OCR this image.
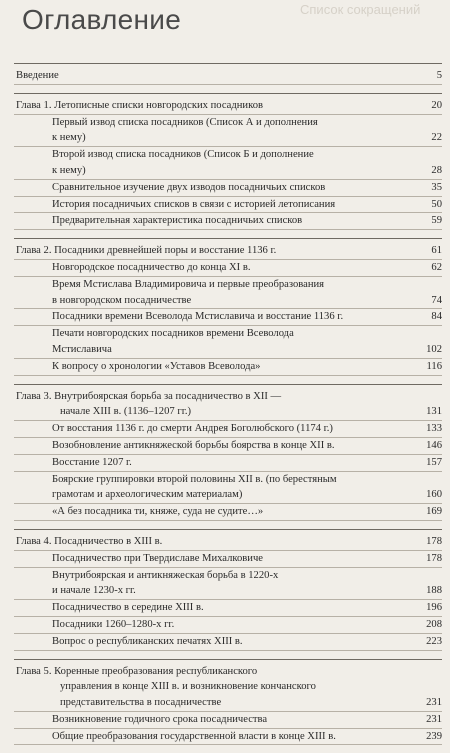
Список сокращений
Оглавление
Введение	5
Глава 1. Летописные списки новгородских посадников	20
Первый извод списка посадников (Список А и дополнения
к нему)	22
Второй извод списка посадников (Список Б и дополнение
к нему)	28
Сравнительное изучение двух изводов посадничьих списков	35
История посадничьих списков в связи с историей летописания	50
Предварительная характеристика посадничьих списков	59
Глава 2. Посадники древнейшей поры и восстание 1136 г.	61
Новгородское посадничество до конца XI в.	62
Время Мстислава Владимировича и первые преобразования
в новгородском посадничестве	74
Посадники времени Всеволода Мстиславича и восстание 1136 г.	84
Печати новгородских посадников времени Всеволода
Мстиславича	102
К вопросу о хронологии «Уставов Всеволода»	116
Глава 3. Внутрибоярская борьба за посадничество в XII —
начале XIII в. (1136–1207 гг.)	131
От восстания 1136 г. до смерти Андрея Боголюбского (1174 г.)	133
Возобновление антикняжеской борьбы боярства в конце XII в.	146
Восстание 1207 г.	157
Боярские группировки второй половины XII в. (по берестяным
грамотам и археологическим материалам)	160
«А без посадника ти, княже, суда не судите…»	169
Глава 4. Посадничество в XIII в.	178
Посадничество при Твердиславе Михалковиче	178
Внутрибоярская и антикняжеская борьба в 1220-х
и начале 1230-х гг.	188
Посадничество в середине XIII в.	196
Посадники 1260–1280-х гг.	208
Вопрос о республиканских печатях XIII в.	223
Глава 5. Коренные преобразования республиканского
управления в конце XIII в. и возникновение кончанского
представительства в посадничестве	231
Возникновение годичного срока посадничества	231
Общие преобразования государственной власти в конце XIII в.	239
